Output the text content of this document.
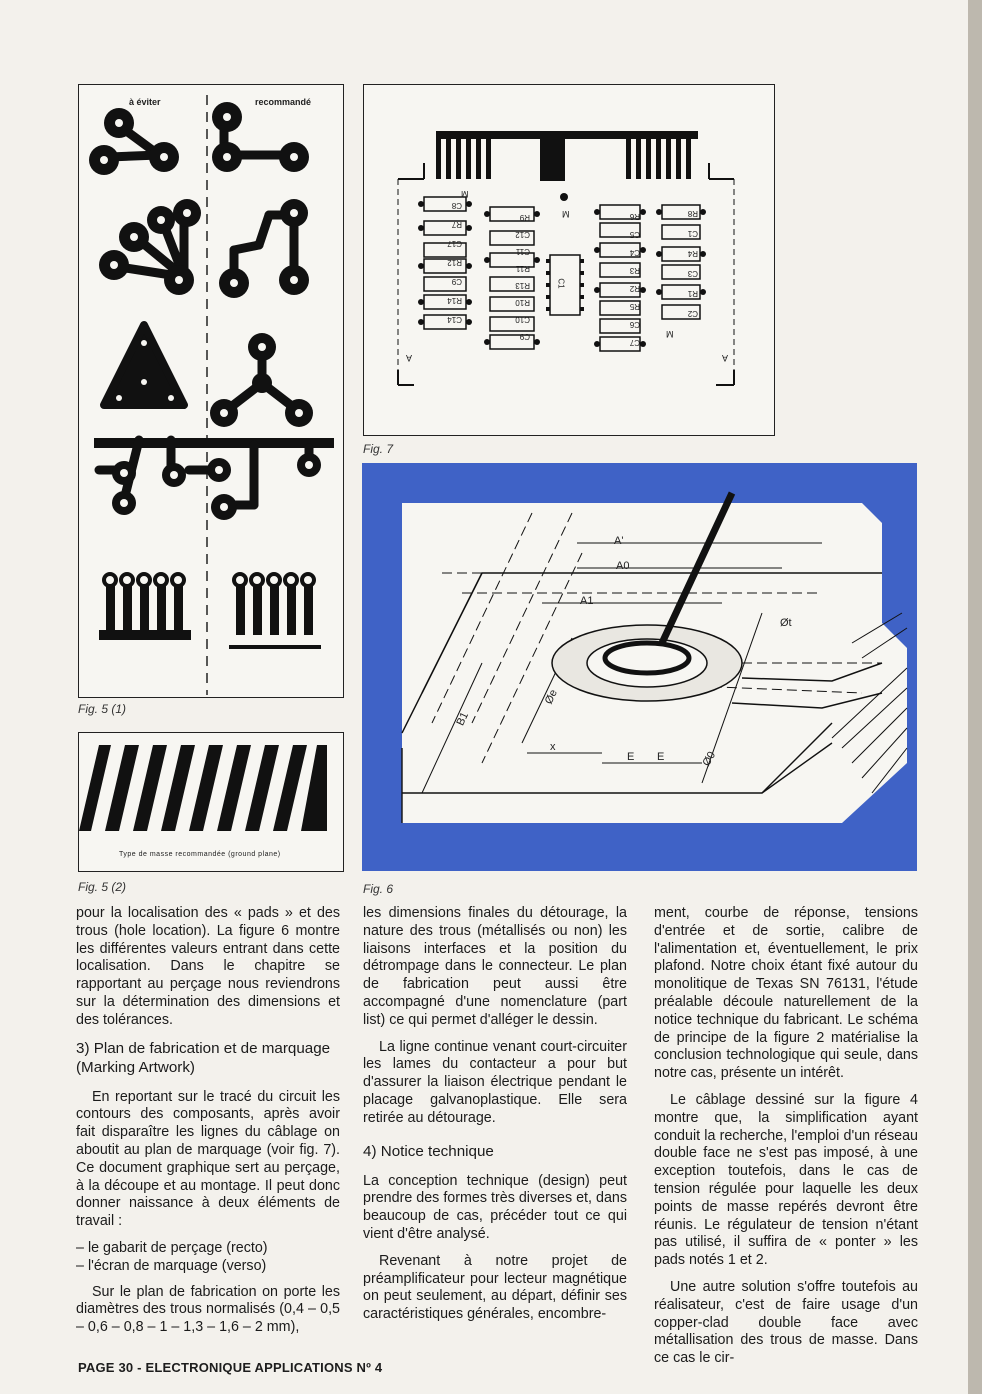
à éviter	recommandé
Fig. 5 (1)
Type de masse recommandée (ground plane)
Fig. 5 (2)
C14
R14
C9
R12
C17
R7
C8
C9
C10
R10
R13
R11
C11
C12
R9
C1
C7
C6
R5
R2
R3
C4
C5
R6
C2
R1
C3
R4
C1
R8
M
M
M
A	A
Fig. 7
A'
A0
A1
B1
Øe
Øt
Ø0
x
E E
Fig. 6

pour la localisation des « pads » et des trous (hole location). La figure 6 montre les différentes valeurs entrant dans cette localisation. Dans le chapitre se rapportant au perçage nous reviendrons sur la détermination des dimensions et des tolérances.

3) Plan de fabrication et de marquage (Marking Artwork)

En reportant sur le tracé du circuit les contours des composants, après avoir fait disparaître les lignes du câblage on aboutit au plan de marquage (voir fig. 7). Ce document graphique sert au perçage, à la découpe et au montage. Il peut donc donner naissance à deux éléments de travail :

– le gabarit de perçage (recto)
– l'écran de marquage (verso)

Sur le plan de fabrication on porte les diamètres des trous normalisés (0,4 – 0,5 – 0,6 – 0,8 – 1 – 1,3 – 1,6 – 2 mm),

les dimensions finales du détourage, la nature des trous (métallisés ou non) les liaisons interfaces et la position du détrompage dans le connecteur. Le plan de fabrication peut aussi être accompagné d'une nomenclature (part list) ce qui permet d'alléger le dessin.

La ligne continue venant court-circuiter les lames du contacteur a pour but d'assurer la liaison électrique pendant le placage galvanoplastique. Elle sera retirée au détourage.

4) Notice technique

La conception technique (design) peut prendre des formes très diverses et, dans beaucoup de cas, précéder tout ce qui vient d'être analysé.

Revenant à notre projet de préamplificateur pour lecteur magnétique on peut seulement, au départ, définir ses caractéristiques générales, encombre-

ment, courbe de réponse, tensions d'entrée et de sortie, calibre de l'alimentation et, éventuellement, le prix plafond. Notre choix étant fixé autour du monolitique de Texas SN 76131, l'étude préalable découle naturellement de la notice technique du fabricant. Le schéma de principe de la figure 2 matérialise la conclusion technologique qui seule, dans notre cas, présente un intérêt.

Le câblage dessiné sur la figure 4 montre que, la simplification ayant conduit la recherche, l'emploi d'un réseau double face ne s'est pas imposé, à une exception toutefois, dans le cas de tension régulée pour laquelle les deux points de masse repérés devront être réunis. Le régulateur de tension n'étant pas utilisé, il suffira de « ponter » les pads notés 1 et 2.

Une autre solution s'offre toutefois au réalisateur, c'est de faire usage d'un copper-clad double face avec métallisation des trous de masse. Dans ce cas le cir-

PAGE 30 - ELECTRONIQUE APPLICATIONS Nº 4
